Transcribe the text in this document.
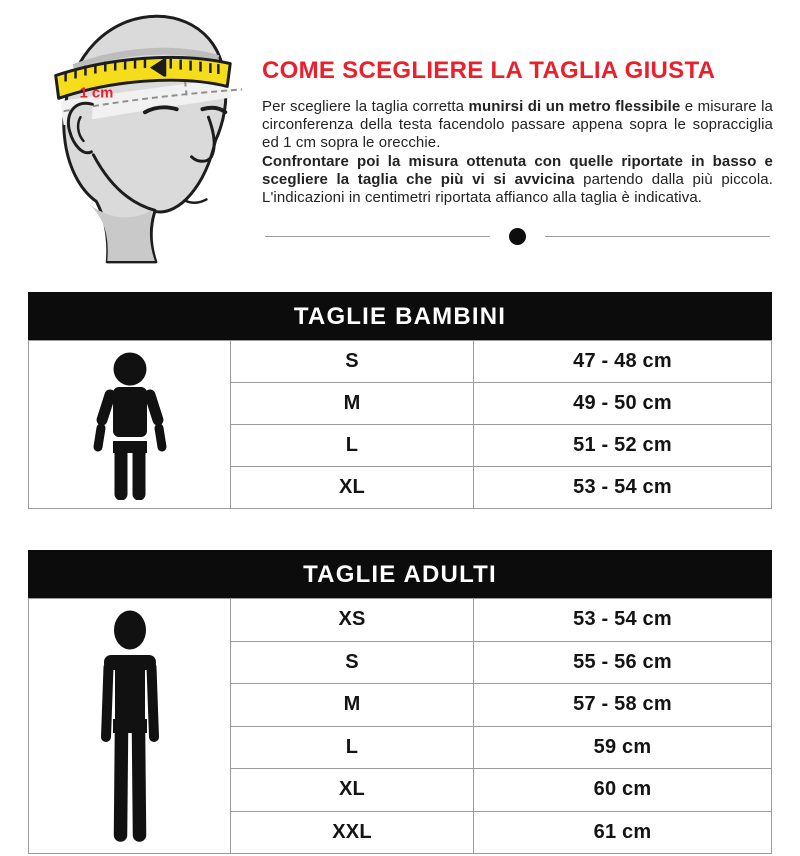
1 cm
COME SCEGLIERE LA TAGLIA GIUSTA

Per scegliere la taglia corretta munirsi di un metro flessibile e misurare la circonferenza della testa facendolo passare appena sopra le sopracciglia ed 1 cm sopra le orecchie.

Confrontare poi la misura ottenuta con quelle riportate in basso e scegliere la taglia che più vi si avvicina partendo dalla più piccola. L'indicazioni in centimetri riportata affianco alla taglia è indicativa.

TAGLIE BAMBINI
	S	47 - 48 cm
	M	49 - 50 cm
	L	51 - 52 cm
	XL	53 - 54 cm
TAGLIE ADULTI
	XS	53 - 54 cm
	S	55 - 56 cm
	M	57 - 58 cm
	L	59 cm
	XL	60 cm
	XXL	61 cm
